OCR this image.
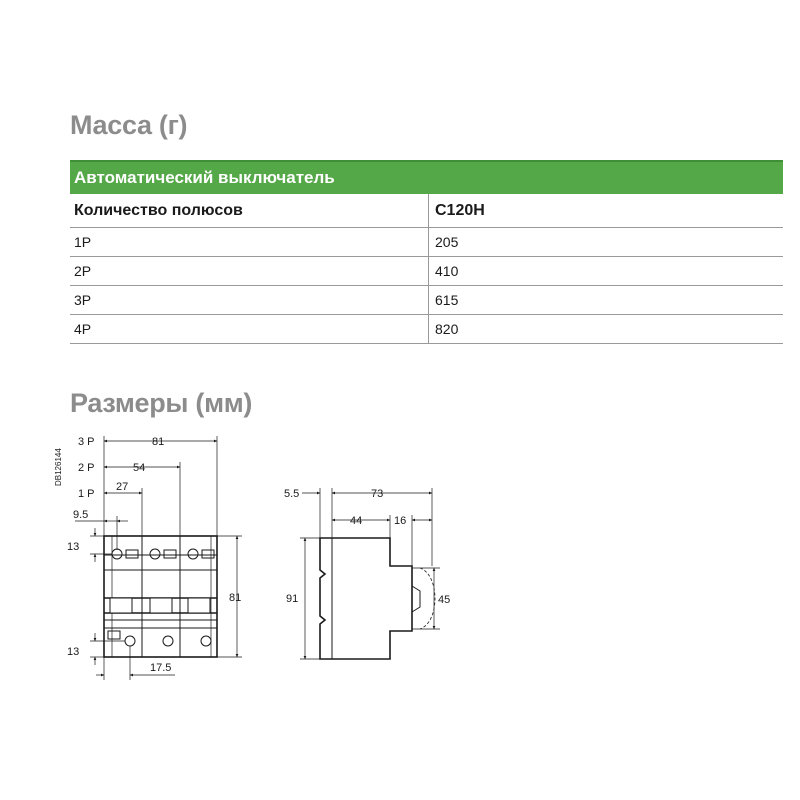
Масса (г)
Автоматический выключатель
Количество полюсов	C120H
1P	205
2P	410
3P	615
4P	820
Размеры (мм)
DB126144
3 P
2 P
1 P
81
54
27
9.5
13
81
13
17.5
5.5	73
44	16
91	45
